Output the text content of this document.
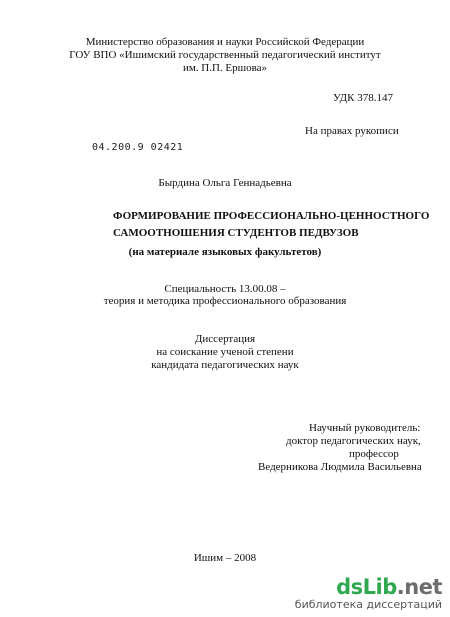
Министерство образования и науки Российской Федерации
ГОУ ВПО «Ишимский государственный педагогический институт
им. П.П. Ершова»
УДК 378.147
На правах рукописи
04.200.9 02421
Бырдина Ольга Геннадьевна
ФОРМИРОВАНИЕ ПРОФЕССИОНАЛЬНО-ЦЕННОСТНОГО
САМООТНОШЕНИЯ СТУДЕНТОВ ПЕДВУЗОВ
(на материале языковых факультетов)
Специальность 13.00.08 –
теория и методика профессионального образования
Диссертация
на соискание ученой степени
кандидата педагогических наук
Научный руководитель:
доктор педагогических наук,
профессор
Ведерникова Людмила Васильевна
Ишим – 2008
dsLib.net
библиотека диссертаций
